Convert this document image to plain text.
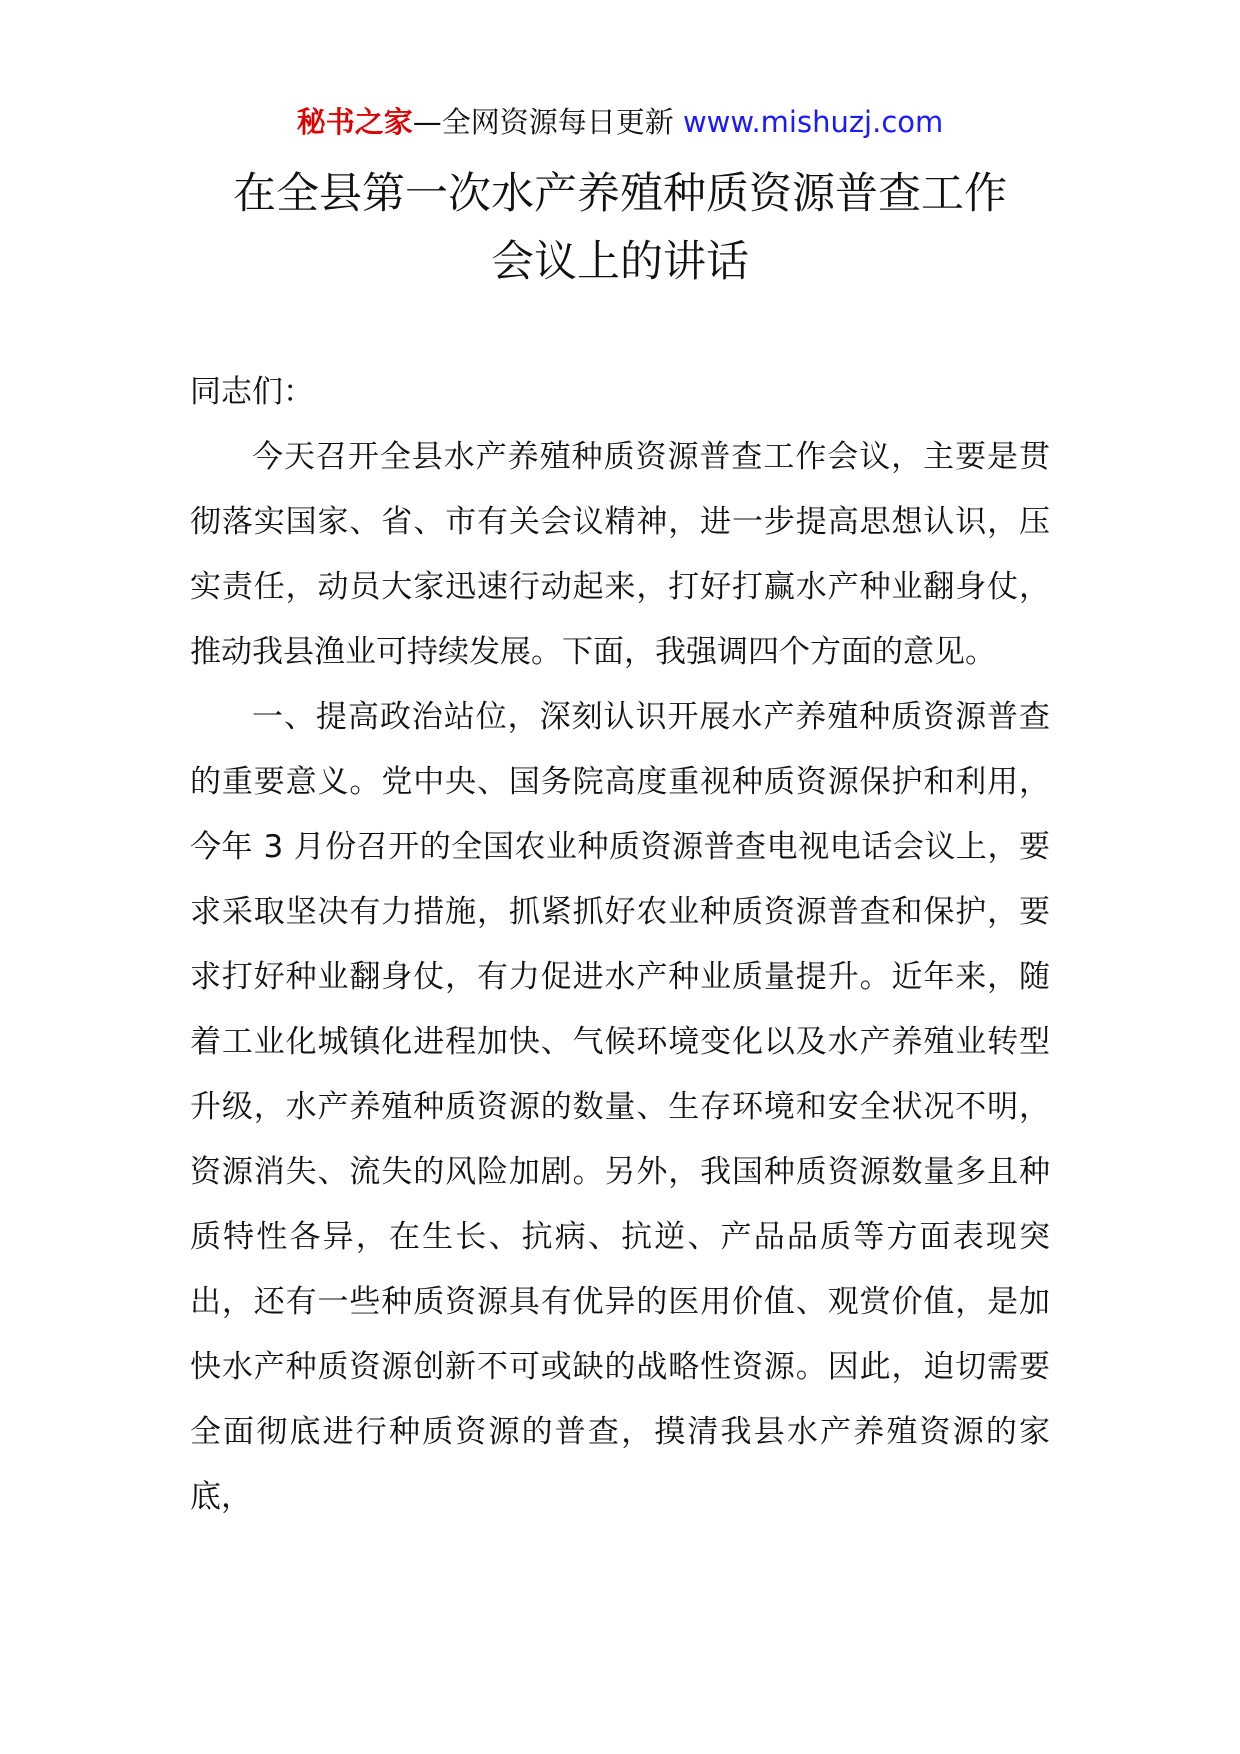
秘书之家—全网资源每日更新 www.mishuzj.com
在全县第一次水产养殖种质资源普查工作
会议上的讲话

同志们：

今天召开全县水产养殖种质资源普查工作会议，主要是贯彻落实国家、省、市有关会议精神，进一步提高思想认识，压实责任，动员大家迅速行动起来，打好打赢水产种业翻身仗，推动我县渔业可持续发展。下面，我强调四个方面的意见。

一、提高政治站位，深刻认识开展水产养殖种质资源普查的重要意义。党中央、国务院高度重视种质资源保护和利用，今年 3 月份召开的全国农业种质资源普查电视电话会议上，要求采取坚决有力措施，抓紧抓好农业种质资源普查和保护，要求打好种业翻身仗，有力促进水产种业质量提升。近年来，随着工业化城镇化进程加快、气候环境变化以及水产养殖业转型升级，水产养殖种质资源的数量、生存环境和安全状况不明，资源消失、流失的风险加剧。另外，我国种质资源数量多且种质特性各异，在生长、抗病、抗逆、产品品质等方面表现突出，还有一些种质资源具有优异的医用价值、观赏价值，是加快水产种质资源创新不可或缺的战略性资源。因此，迫切需要全面彻底进行种质资源的普查，摸清我县水产养殖资源的家底，
